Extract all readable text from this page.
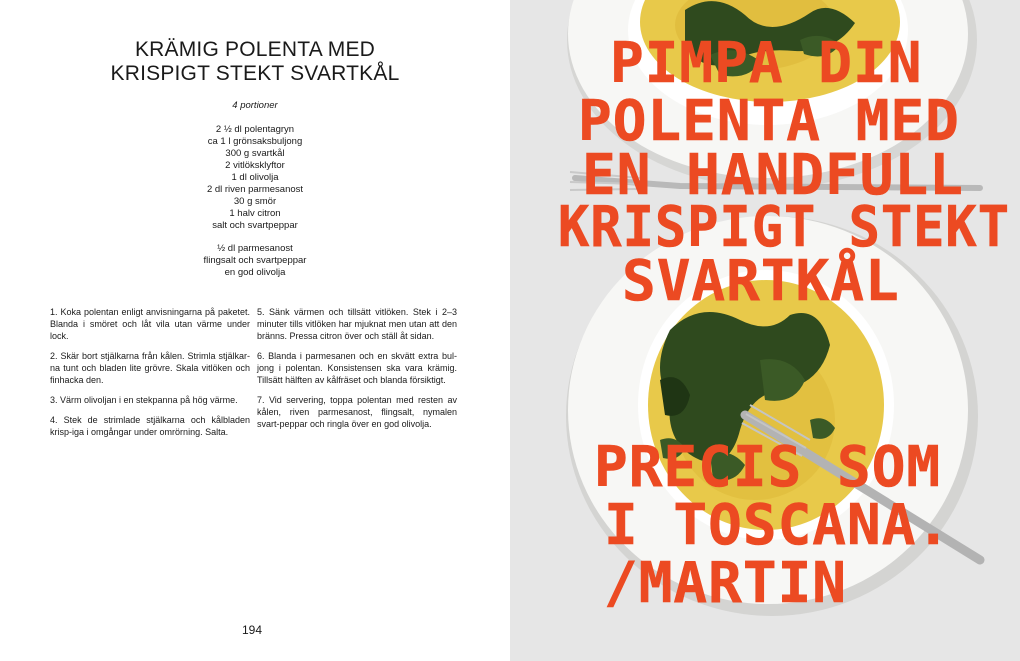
KRÄMIG POLENTA MED
KRISPIGT STEKT SVARTKÅL
4 portioner
2 ½ dl polentagryn
ca 1 l grönsaksbuljong
300 g svartkål
2 vitlöksklyftor
1 dl olivolja
2 dl riven parmesanost
30 g smör
1 halv citron
salt och svartpeppar
½ dl parmesanost
flingsalt och svartpeppar
en god olivolja

1. Koka polentan enligt anvisningarna på paketet. Blanda i smöret och låt vila utan värme under lock.

2. Skär bort stjälkarna från kålen. Strimla stjälkar-na tunt och bladen lite grövre. Skala vitlöken och finhacka den.

3. Värm olivoljan i en stekpanna på hög värme.

4. Stek de strimlade stjälkarna och kålbladen krisp-iga i omgångar under omrörning. Salta.

5. Sänk värmen och tillsätt vitlöken. Stek i 2–3 minuter tills vitlöken har mjuknat men utan att den bränns. Pressa citron över och ställ åt sidan.

6. Blanda i parmesanen och en skvätt extra bul-jong i polentan. Konsistensen ska vara krämig. Tillsätt hälften av kålfräset och blanda försiktigt.

7. Vid servering, toppa polentan med resten av kålen, riven parmesanost, flingsalt, nymalen svart-peppar och ringla över en god olivolja.

194
PIMPA DIN
POLENTA MED
EN HANDFULL
KRISPIGT STEKT
SVARTKÅL
PRECIS SOM
I TOSCANA.
/MARTIN
